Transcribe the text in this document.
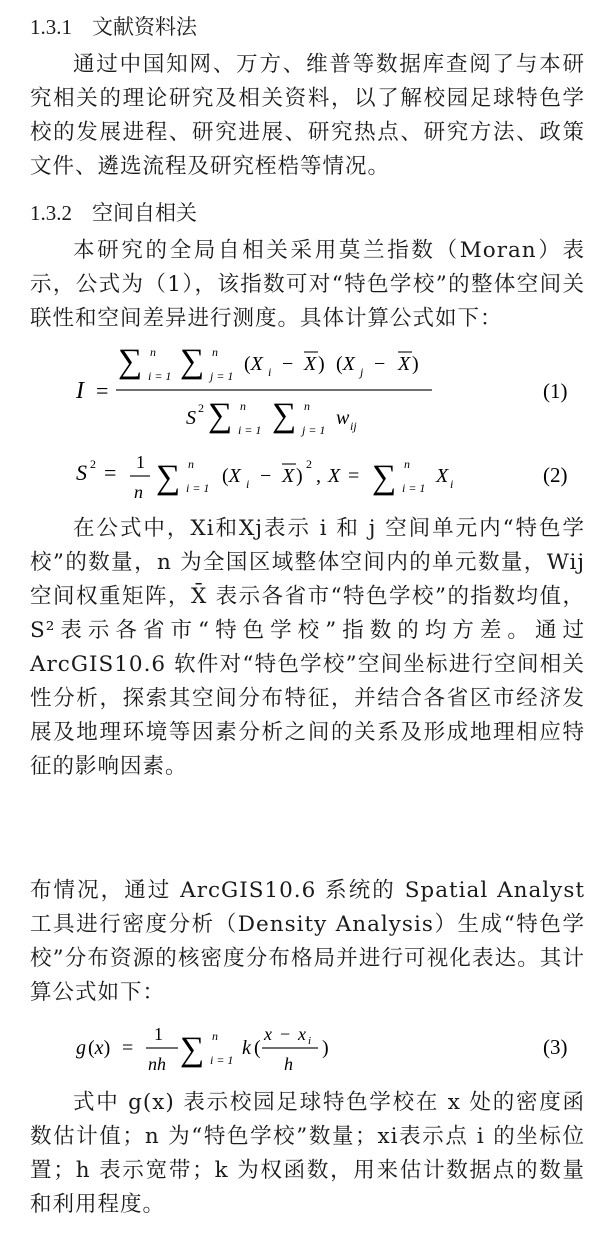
1.3.1 文献资料法

通过中国知网、万方、维普等数据库查阅了与本研究相关的理论研究及相关资料，以了解校园足球特色学校的发展进程、研究进展、研究热点、研究方法、政策文件、遴选流程及研究桎梏等情况。

1.3.2 空间自相关

本研究的全局自相关采用莫兰指数（Moran）表示，公式为（1），该指数可对“特色学校”的整体空间关联性和空间差异进行测度。具体计算公式如下：

I =
∑ n
i = 1 ∑ n
j = 1
(X i − X ) (X j − X )
S 2 ∑ n
i = 1 ∑ n
j = 1
w ij
(1)
S 2 = 1
n ∑ n
i = 1
(X i − X )
2
, X = ∑ n
i = 1
X i	(2)

在公式中，Xi和Xj表示 i 和 j 空间单元内“特色学校”的数量，n 为全国区域整体空间内的单元数量，Wij空间权重矩阵，X̄ 表示各省市“特色学校”的指数均值，S²表示各省市“特色学校”指数的均方差。通过ArcGIS10.6 软件对“特色学校”空间坐标进行空间相关性分析，探索其空间分布特征，并结合各省区市经济发展及地理环境等因素分析之间的关系及形成地理相应特征的影响因素。

布情况，通过 ArcGIS10.6 系统的 Spatial Analyst 工具进行密度分析（Density Analysis）生成“特色学校”分布资源的核密度分布格局并进行可视化表达。其计算公式如下：

g (x) =
1
nh ∑ n
i = 1
k (
x − x i
h
)	(3)

式中 g(x) 表示校园足球特色学校在 x 处的密度函数估计值；n 为“特色学校”数量；xi表示点 i 的坐标位置；h 表示宽带；k 为权函数，用来估计数据点的数量和利用程度。
